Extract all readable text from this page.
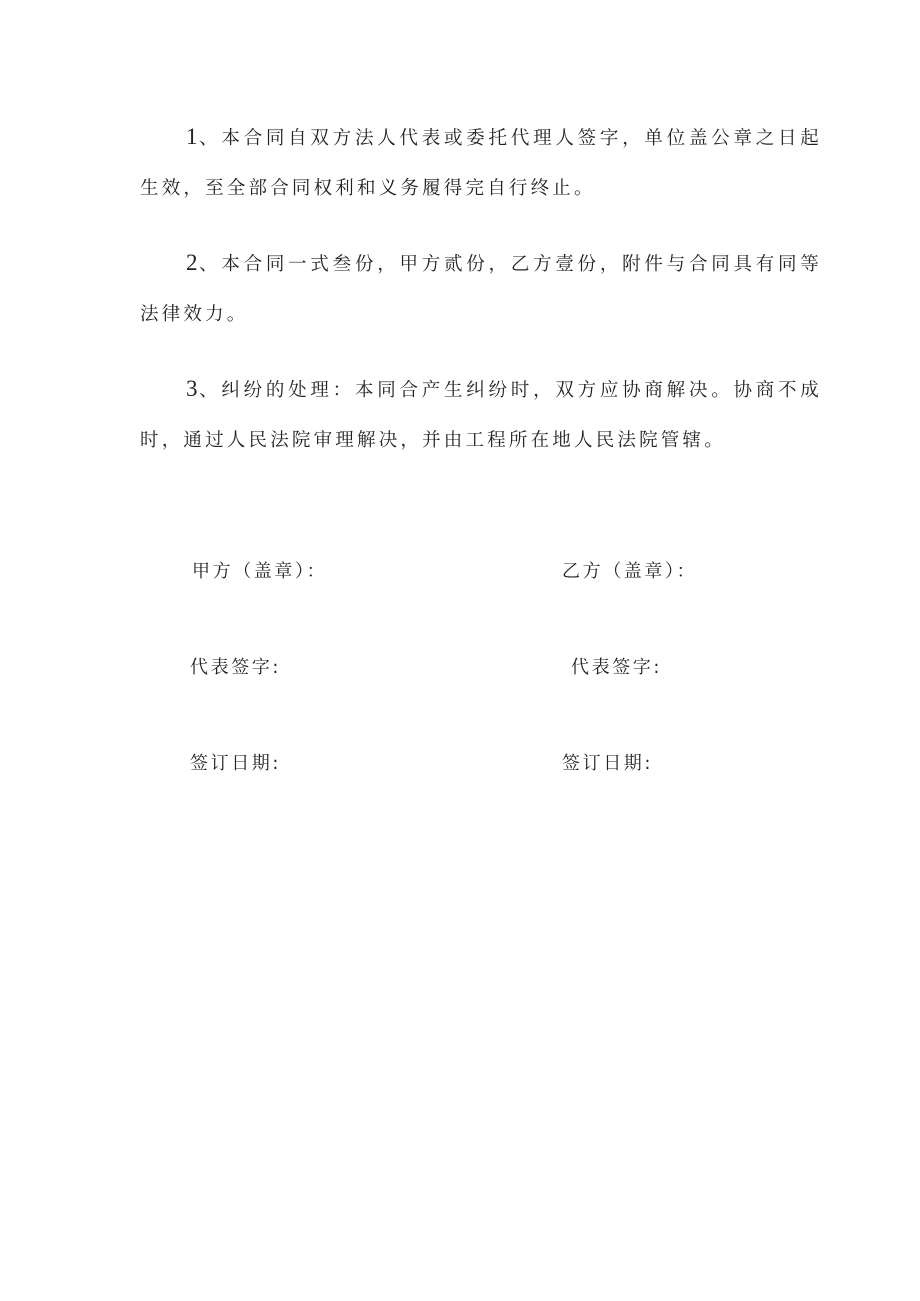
1、本合同自双方法人代表或委托代理人签字，单位盖公章之日起生效，至全部合同权利和义务履得完自行终止。

2、本合同一式叁份，甲方贰份，乙方壹份，附件与合同具有同等法律效力。

3、纠纷的处理：本同合产生纠纷时，双方应协商解决。协商不成时，通过人民法院审理解决，并由工程所在地人民法院管辖。

甲方（盖章）：	乙方（盖章）：
代表签字:	代表签字:
签订日期:	签订日期:
